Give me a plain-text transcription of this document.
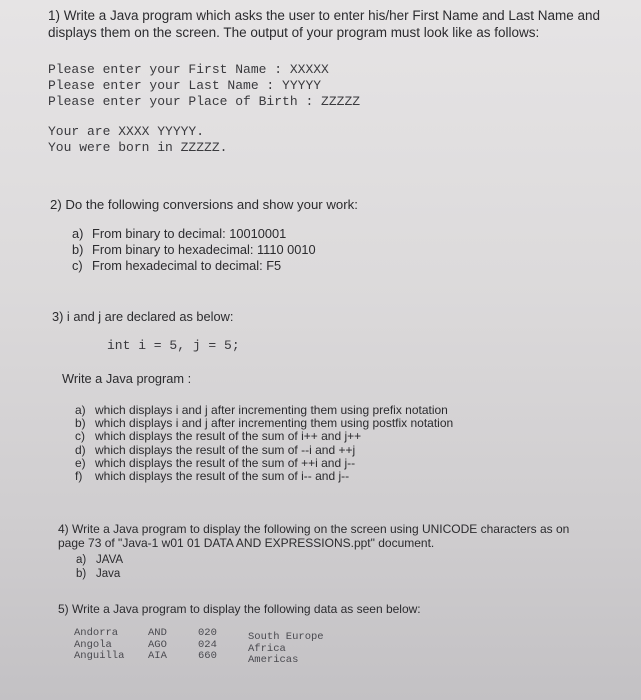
1) Write a Java program which asks the user to enter his/her First Name and Last Name and displays them on the screen. The output of your program must look like as follows:
Please enter your First Name : XXXXX
Please enter your Last Name : YYYYY
Please enter your Place of Birth : ZZZZZ
Your are XXXX YYYYY.
You were born in ZZZZZ.
2) Do the following conversions and show your work:
a) From binary to decimal: 10010001
b) From binary to hexadecimal: 1110 0010
c) From hexadecimal to decimal: F5
3) i and j are declared as below:
int i = 5, j = 5;
Write a Java program :
a) which displays i and j after incrementing them using prefix notation
b) which displays i and j after incrementing them using postfix notation
c) which displays the result of the sum of i++ and j++
d) which displays the result of the sum of --i and ++j
e) which displays the result of the sum of ++i and j--
f)	which displays the result of the sum of i-- and j--
4) Write a Java program to display the following on the screen using UNICODE characters as on page 73 of "Java-1 w01 01 DATA AND EXPRESSIONS.ppt" document.
a) JAVA
b) Java
5) Write a Java program to display the following data as seen below:
Andorra
Angola
Anguilla
AND
AGO
AIA
020
024
660
South Europe
Africa
Americas
